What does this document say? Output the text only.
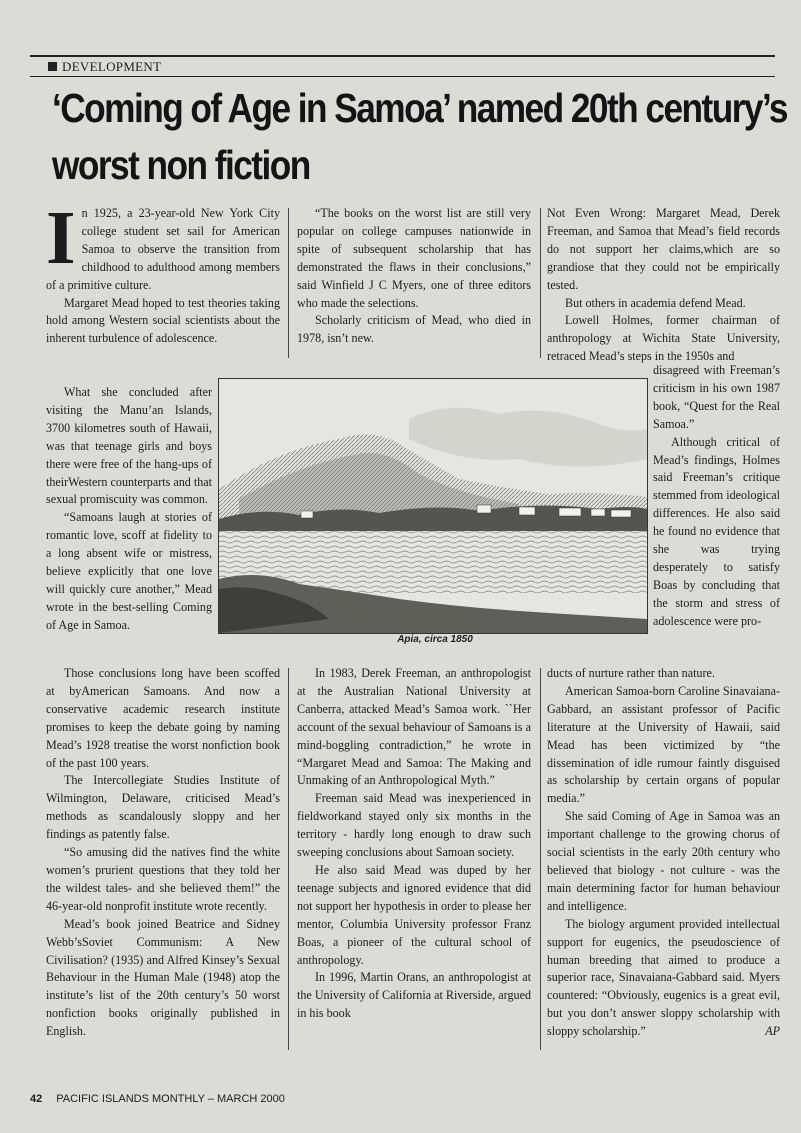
DEVELOPMENT
‘Coming of Age in Samoa’ named 20th century’s
worst non fiction

In 1925, a 23-year-old New York City college student set sail for American Samoa to observe the transition from childhood to adulthood among members of a primitive culture.

Margaret Mead hoped to test theories taking hold among Western social scientists about the inherent turbulence of adolescence.

What she concluded after visiting the Manu’an Islands, 3700 kilometres south of Hawaii, was that teenage girls and boys there were free of the hang-ups of theirWestern counterparts and that sexual promiscuity was common.

“Samoans laugh at stories of romantic love, scoff at fidelity to a long absent wife or mistress, believe explicitly that one love will quickly cure another,” Mead wrote in the best-selling Coming of Age in Samoa.

Those conclusions long have been scoffed at byAmerican Samoans. And now a conservative academic research institute promises to keep the debate going by naming Mead’s 1928 treatise the worst nonfiction book of the past 100 years.

The Intercollegiate Studies Institute of Wilmington, Delaware, criticised Mead’s methods as scandalously sloppy and her findings as patently false.

“So amusing did the natives find the white women’s prurient questions that they told her the wildest tales- and she believed them!” the 46-year-old nonprofit institute wrote recently.

Mead’s book joined Beatrice and Sidney Webb’sSoviet Communism: A New Civilisation? (1935) and Alfred Kinsey’s Sexual Behaviour in the Human Male (1948) atop the institute’s list of the 20th century’s 50 worst nonfiction books originally published in English.

“The books on the worst list are still very popular on college campuses nationwide in spite of subsequent scholarship that has demonstrated the flaws in their conclusions,” said Winfield J C Myers, one of three editors who made the selections.

Scholarly criticism of Mead, who died in 1978, isn’t new.

In 1983, Derek Freeman, an anthropologist at the Australian National University at Canberra, attacked Mead’s Samoa work. ``Her account of the sexual behaviour of Samoans is a mind-boggling contradiction,” he wrote in “Margaret Mead and Samoa: The Making and Unmaking of an Anthropological Myth.”

Freeman said Mead was inexperienced in fieldworkand stayed only six months in the territory - hardly long enough to draw such sweeping conclusions about Samoan society.

He also said Mead was duped by her teenage subjects and ignored evidence that did not support her hypothesis in order to please her mentor, Columbia University professor Franz Boas, a pioneer of the cultural school of anthropology.

In 1996, Martin Orans, an anthropologist at the University of California at Riverside, argued in his book

Not Even Wrong: Margaret Mead, Derek Freeman, and Samoa that Mead’s field records do not support her claims,which are so grandiose that they could not be empirically tested.

But others in academia defend Mead.

Lowell Holmes, former chairman of anthropology at Wichita State University, retraced Mead’s steps in the 1950s and

disagreed with Freeman’s criticism in his own 1987 book, “Quest for the Real Samoa.”

Although critical of Mead’s findings, Holmes said Freeman’s critique stemmed from ideological differences. He also said he found no evidence that she was trying desperately to satisfy Boas by concluding that the storm and stress of adolescence were pro-

ducts of nurture rather than nature.

American Samoa-born Caroline Sinavaiana-Gabbard, an assistant professor of Pacific literature at the University of Hawaii, said Mead has been victimized by “the dissemination of idle rumour faintly disguised as scholarship by certain organs of popular media.”

She said Coming of Age in Samoa was an important challenge to the growing chorus of social scientists in the early 20th century who believed that biology - not culture - was the main determining factor for human behaviour and intelligence.

The biology argument provided intellectual support for eugenics, the pseudoscience of human breeding that aimed to produce a superior race, Sinavaiana-Gabbard said. Myers countered: “Obviously, eugenics is a great evil, but you don’t answer sloppy scholarship with sloppy scholarship.”	AP

Apia, circa 1850
42 PACIFIC ISLANDS MONTHLY – MARCH 2000
